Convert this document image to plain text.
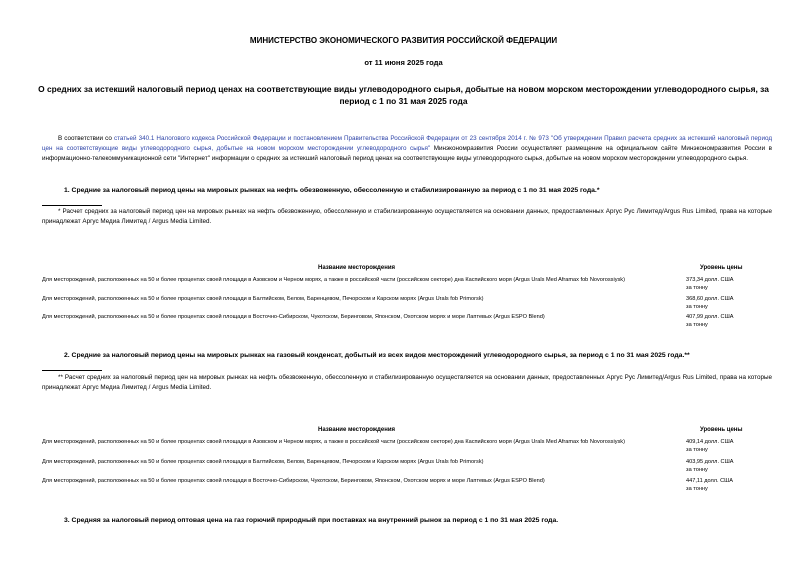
МИНИСТЕРСТВО ЭКОНОМИЧЕСКОГО РАЗВИТИЯ РОССИЙСКОЙ ФЕДЕРАЦИИ
от 11 июня 2025 года
О средних за истекший налоговый период ценах на соответствующие виды углеводородного сырья, добытые на новом морском месторождении углеводородного сырья, за период с 1 по 31 мая 2025 года
В соответствии со статьей 340.1 Налогового кодекса Российской Федерации и постановлением Правительства Российской Федерации от 23 сентября 2014 г. № 973 "Об утверждении Правил расчета средних за истекший налоговый период цен на соответствующие виды углеводородного сырья, добытые на новом морском месторождении углеводородного сырья" Минэкономразвития России осуществляет размещение на официальном сайте Минэкономразвития России в информационно-телекоммуникационной сети "Интернет" информации о средних за истекший налоговый период ценах на соответствующие виды углеводородного сырья, добытые на новом морском месторождении углеводородного сырья.
1. Средние за налоговый период цены на мировых рынках на нефть обезвоженную, обессоленную и стабилизированную за период с 1 по 31 мая 2025 года.*
* Расчет средних за налоговый период цен на мировых рынках на нефть обезвоженную, обессоленную и стабилизированную осуществляется на основании данных, предоставленных Аргус Рус Лимитед/Argus Rus Limited, права на которые принадлежат Аргус Медиа Лимитед / Argus Media Limited.
Название месторождения	Уровень цены
Для месторождений, расположенных на 50 и более процентах своей площади в Азовском и Черном морях, а также в российской части (российском секторе) дна Каспийского моря (Argus Urals Med Aframax fob Novorossiysk)	373,34 долл. США за тонну
Для месторождений, расположенных на 50 и более процентах своей площади в Балтийском, Белом, Баренцевом, Печорском и Карском морях (Argus Urals fob Primorsk)	368,60 долл. США за тонну
Для месторождений, расположенных на 50 и более процентах своей площади в Восточно-Сибирском, Чукотском, Беринговом, Японском, Охотском морях и море Лаптевых (Argus ESPO Blend)	407,99 долл. США за тонну
2. Средние за налоговый период цены на мировых рынках на газовый конденсат, добытый из всех видов месторождений углеводородного сырья, за период с 1 по 31 мая 2025 года.**
** Расчет средних за налоговый период цен на мировых рынках на нефть обезвоженную, обессоленную и стабилизированную осуществляется на основании данных, предоставленных Аргус Рус Лимитед/Argus Rus Limited, права на которые принадлежат Аргус Медиа Лимитед / Argus Media Limited.
Название месторождения	Уровень цены
Для месторождений, расположенных на 50 и более процентах своей площади в Азовском и Черном морях, а также в российской части (российском секторе) дна Каспийского моря (Argus Urals Med Aframax fob Novorossiysk)	409,14 долл. США за тонну
Для месторождений, расположенных на 50 и более процентах своей площади в Балтийском, Белом, Баренцевом, Печорском и Карском морях (Argus Urals fob Primorsk)	403,95 долл. США за тонну
Для месторождений, расположенных на 50 и более процентах своей площади в Восточно-Сибирском, Чукотском, Беринговом, Японском, Охотском морях и море Лаптевых (Argus ESPO Blend)	447,11 долл. США за тонну
3. Средняя за налоговый период оптовая цена на газ горючий природный при поставках на внутренний рынок за период с 1 по 31 мая 2025 года.
